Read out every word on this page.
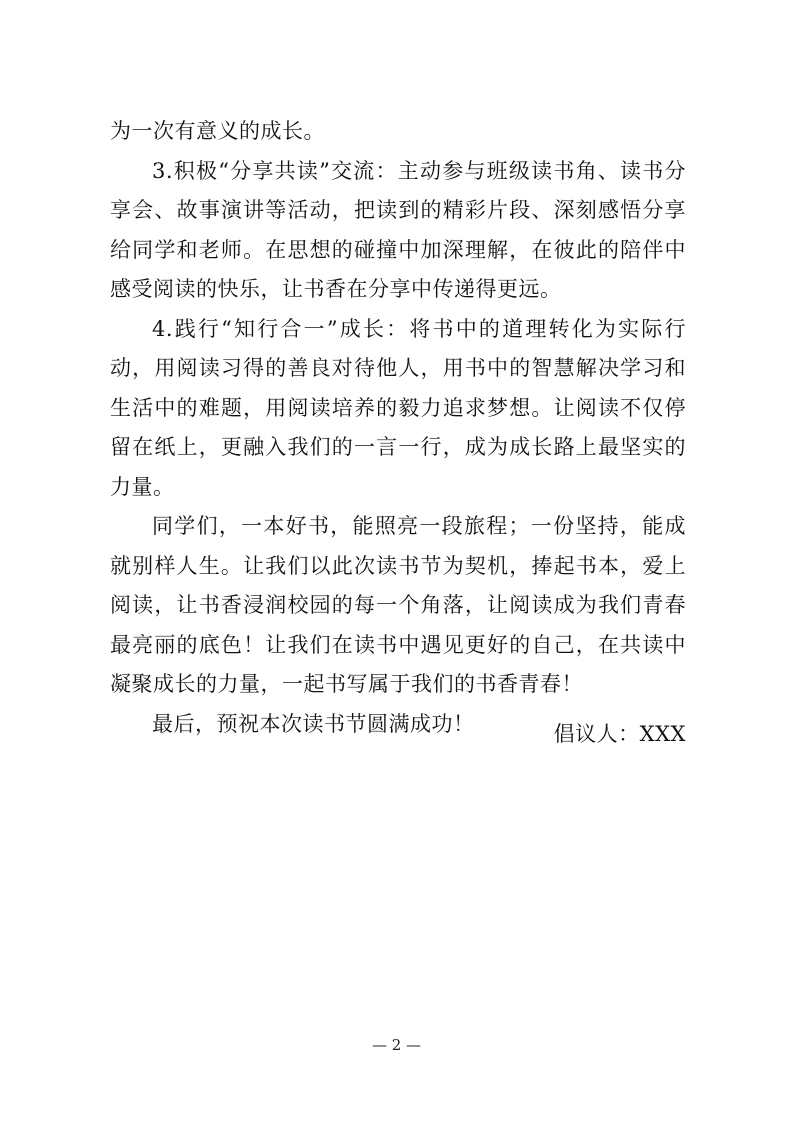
为一次有意义的成长。

3.积极“分享共读”交流：主动参与班级读书角、读书分享会、故事演讲等活动，把读到的精彩片段、深刻感悟分享给同学和老师。在思想的碰撞中加深理解，在彼此的陪伴中感受阅读的快乐，让书香在分享中传递得更远。

4.践行“知行合一”成长：将书中的道理转化为实际行动，用阅读习得的善良对待他人，用书中的智慧解决学习和生活中的难题，用阅读培养的毅力追求梦想。让阅读不仅停留在纸上，更融入我们的一言一行，成为成长路上最坚实的力量。

同学们，一本好书，能照亮一段旅程；一份坚持，能成就别样人生。让我们以此次读书节为契机，捧起书本，爱上阅读，让书香浸润校园的每一个角落，让阅读成为我们青春最亮丽的底色！让我们在读书中遇见更好的自己，在共读中凝聚成长的力量，一起书写属于我们的书香青春！

最后，预祝本次读书节圆满成功！	倡议人：XXX
— 2 —
